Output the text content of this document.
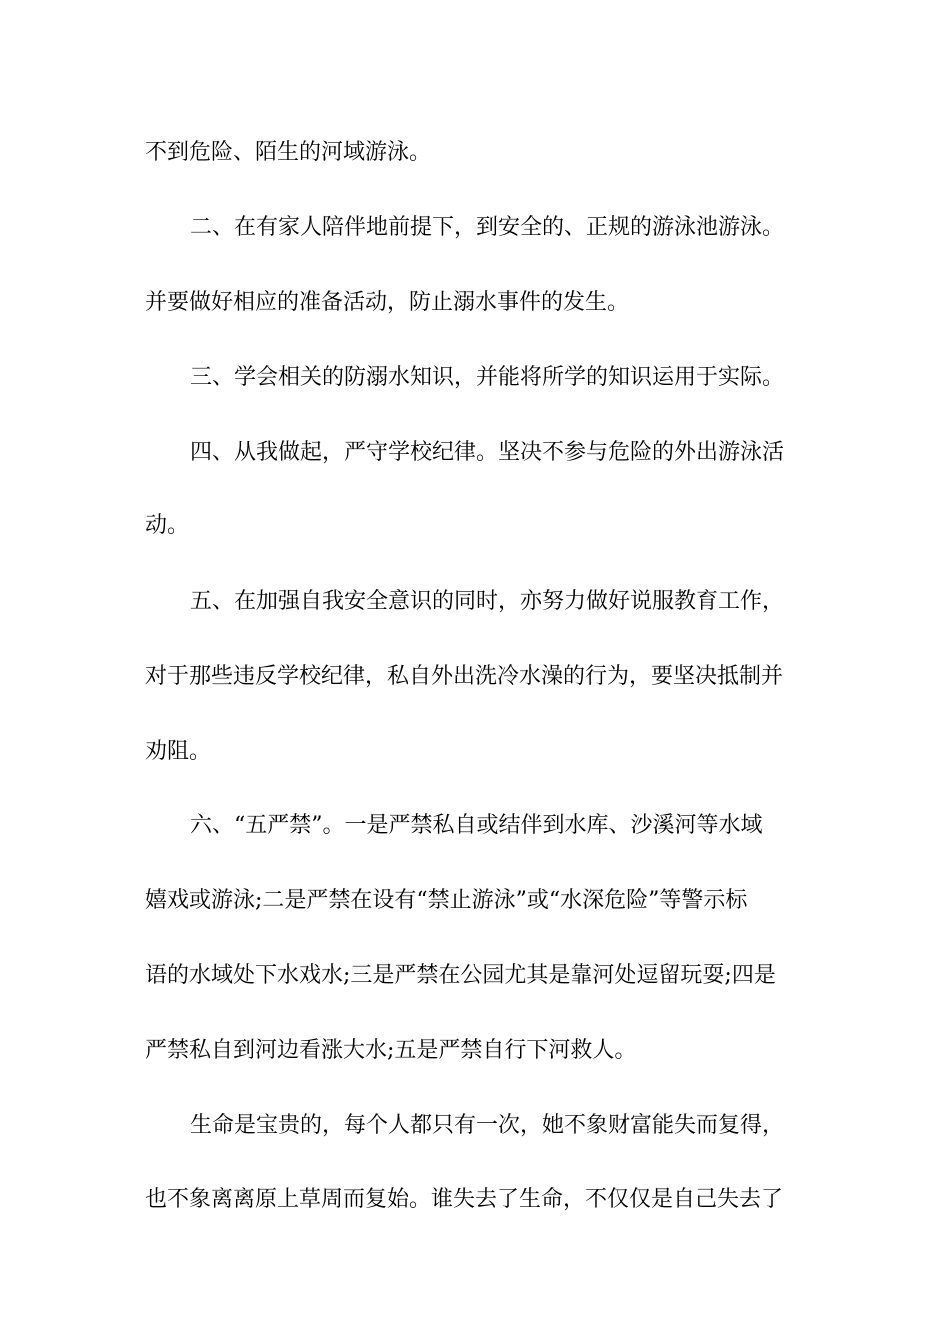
不到危险、陌生的河域游泳。

二、在有家人陪伴地前提下，到安全的、正规的游泳池游泳。

并要做好相应的准备活动，防止溺水事件的发生。

三、学会相关的防溺水知识，并能将所学的知识运用于实际。

四、从我做起，严守学校纪律。坚决不参与危险的外出游泳活

动。

五、在加强自我安全意识的同时，亦努力做好说服教育工作，

对于那些违反学校纪律，私自外出洗冷水澡的行为，要坚决抵制并

劝阻。

六、“五严禁”。一是严禁私自或结伴到水库、沙溪河等水域

嬉戏或游泳;二是严禁在设有“禁止游泳”或“水深危险”等警示标

语的水域处下水戏水;三是严禁在公园尤其是靠河处逗留玩耍;四是

严禁私自到河边看涨大水;五是严禁自行下河救人。

生命是宝贵的，每个人都只有一次，她不象财富能失而复得，

也不象离离原上草周而复始。谁失去了生命，不仅仅是自己失去了
